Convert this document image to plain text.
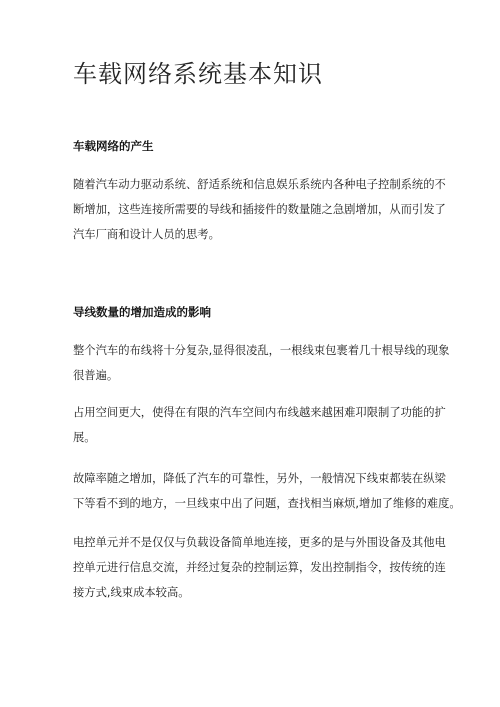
车载网络系统基本知识
车载网络的产生

随着汽车动力驱动系统、舒适系统和信息娱乐系统内各种电子控制系统的不
断增加，这些连接所需要的导线和插接件的数量随之急剧增加，从而引发了
汽车厂商和设计人员的思考。

导线数量的增加造成的影响

整个汽车的布线将十分复杂,显得很凌乱，一根线束包裹着几十根导线的现象
很普遍。

占用空间更大，使得在有限的汽车空间内布线越来越困难卭限制了功能的扩
展。

故障率随之增加，降低了汽车的可靠性，另外，一般情况下线束都装在纵梁
下等看不到的地方，一旦线束中出了问题，查找相当麻烦,增加了维修的难度。

电控单元并不是仅仅与负载设备简单地连接，更多的是与外围设备及其他电
控单元进行信息交流，并经过复杂的控制运算，发出控制指令，按传统的连
接方式,线束成本较高。
